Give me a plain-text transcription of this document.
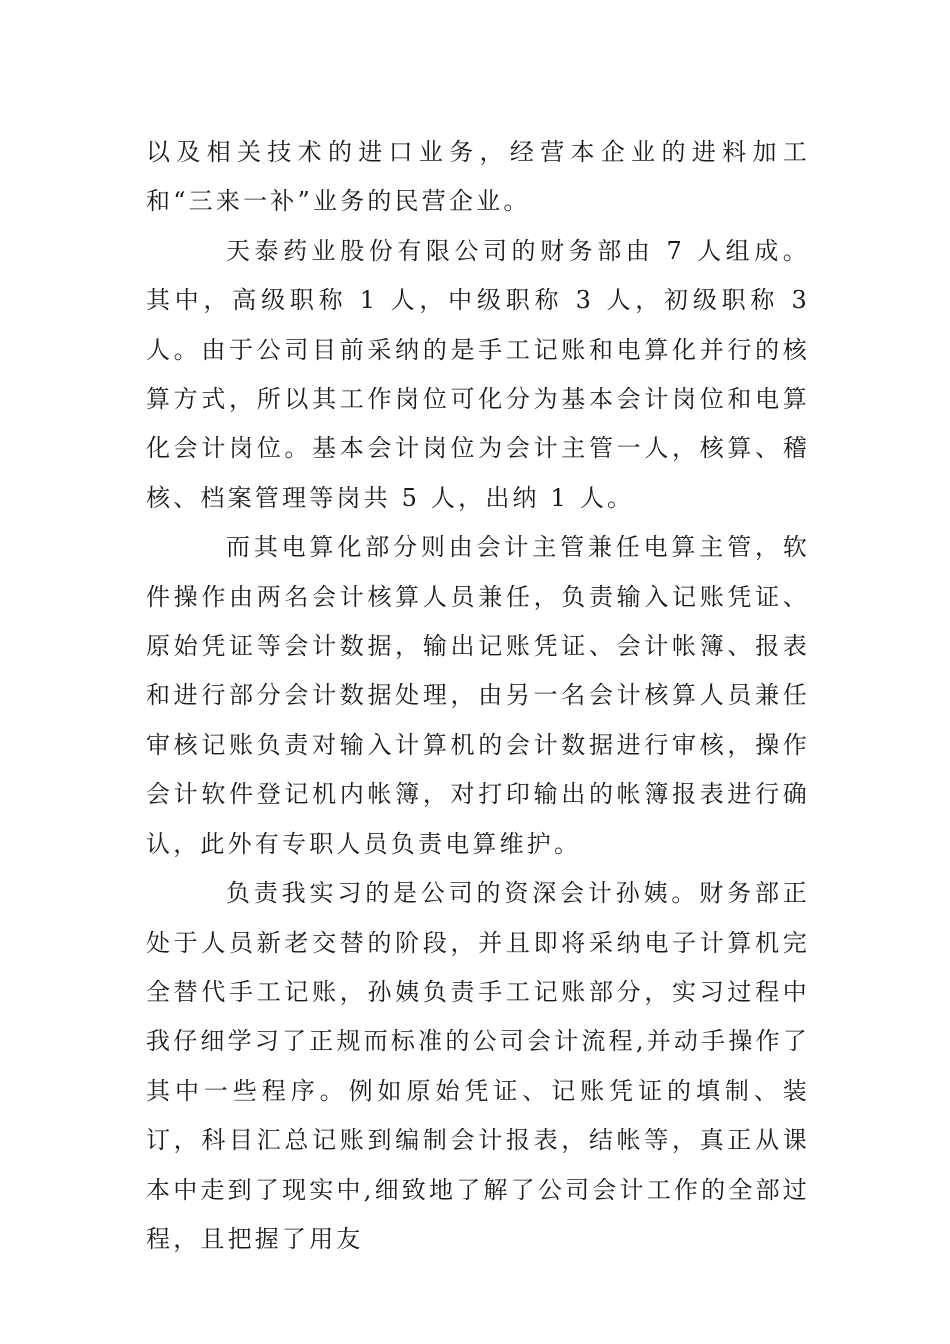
以及相关技术的进口业务，经营本企业的进料加工和“三来一补”业务的民营企业。

天泰药业股份有限公司的财务部由 7 人组成。其中，高级职称 1 人，中级职称 3 人，初级职称 3 人。由于公司目前采纳的是手工记账和电算化并行的核算方式，所以其工作岗位可化分为基本会计岗位和电算化会计岗位。基本会计岗位为会计主管一人，核算、稽核、档案管理等岗共 5 人，出纳 1 人。

而其电算化部分则由会计主管兼任电算主管，软件操作由两名会计核算人员兼任，负责输入记账凭证、原始凭证等会计数据，输出记账凭证、会计帐簿、报表和进行部分会计数据处理，由另一名会计核算人员兼任审核记账负责对输入计算机的会计数据进行审核，操作会计软件登记机内帐簿，对打印输出的帐簿报表进行确认，此外有专职人员负责电算维护。

负责我实习的是公司的资深会计孙姨。财务部正处于人员新老交替的阶段，并且即将采纳电子计算机完全替代手工记账，孙姨负责手工记账部分，实习过程中我仔细学习了正规而标准的公司会计流程,并动手操作了其中一些程序。例如原始凭证、记账凭证的填制、装订，科目汇总记账到编制会计报表，结帐等，真正从课本中走到了现实中,细致地了解了公司会计工作的全部过程，且把握了用友
